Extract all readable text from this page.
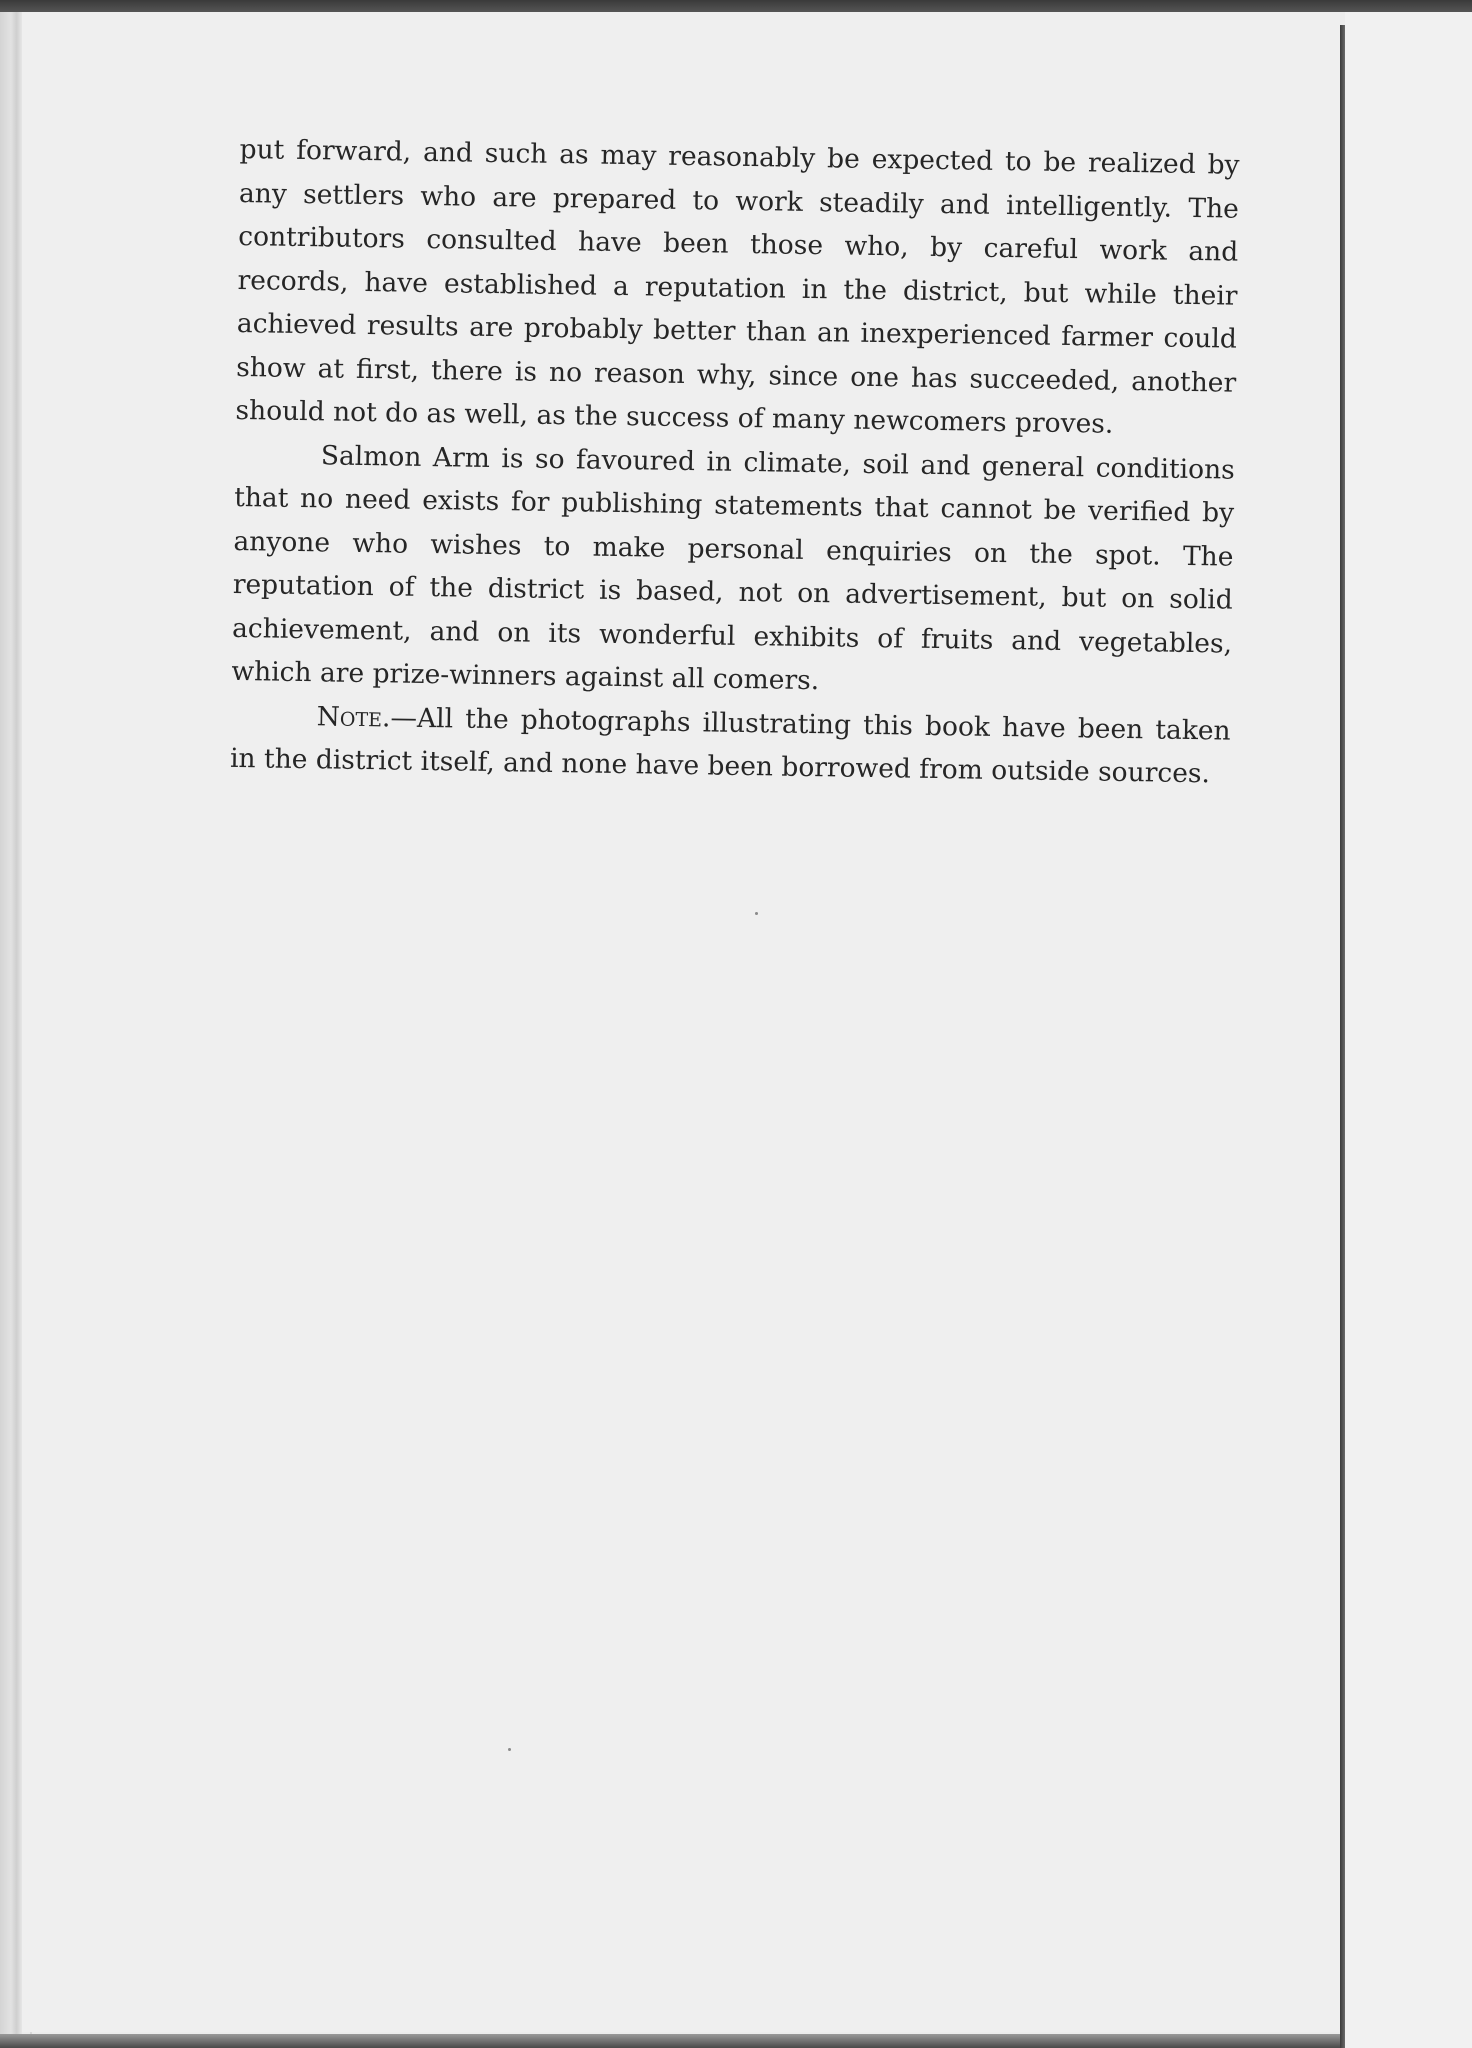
put forward, and such as may reasonably be expected to be realized by any settlers who are prepared to work steadily and intelligently. The contributors consulted have been those who, by careful work and records, have established a reputation in the district, but while their achieved results are probably better than an inexperienced farmer could show at first, there is no reason why, since one has succeeded, another should not do as well, as the success of many newcomers proves.

Salmon Arm is so favoured in climate, soil and general conditions that no need exists for publishing statements that cannot be verified by anyone who wishes to make personal enquiries on the spot. The reputation of the district is based, not on advertisement, but on solid achievement, and on its wonderful exhibits of fruits and vegetables, which are prize-winners against all comers.

Note.—All the photographs illustrating this book have been taken in the district itself, and none have been borrowed from outside sources.
